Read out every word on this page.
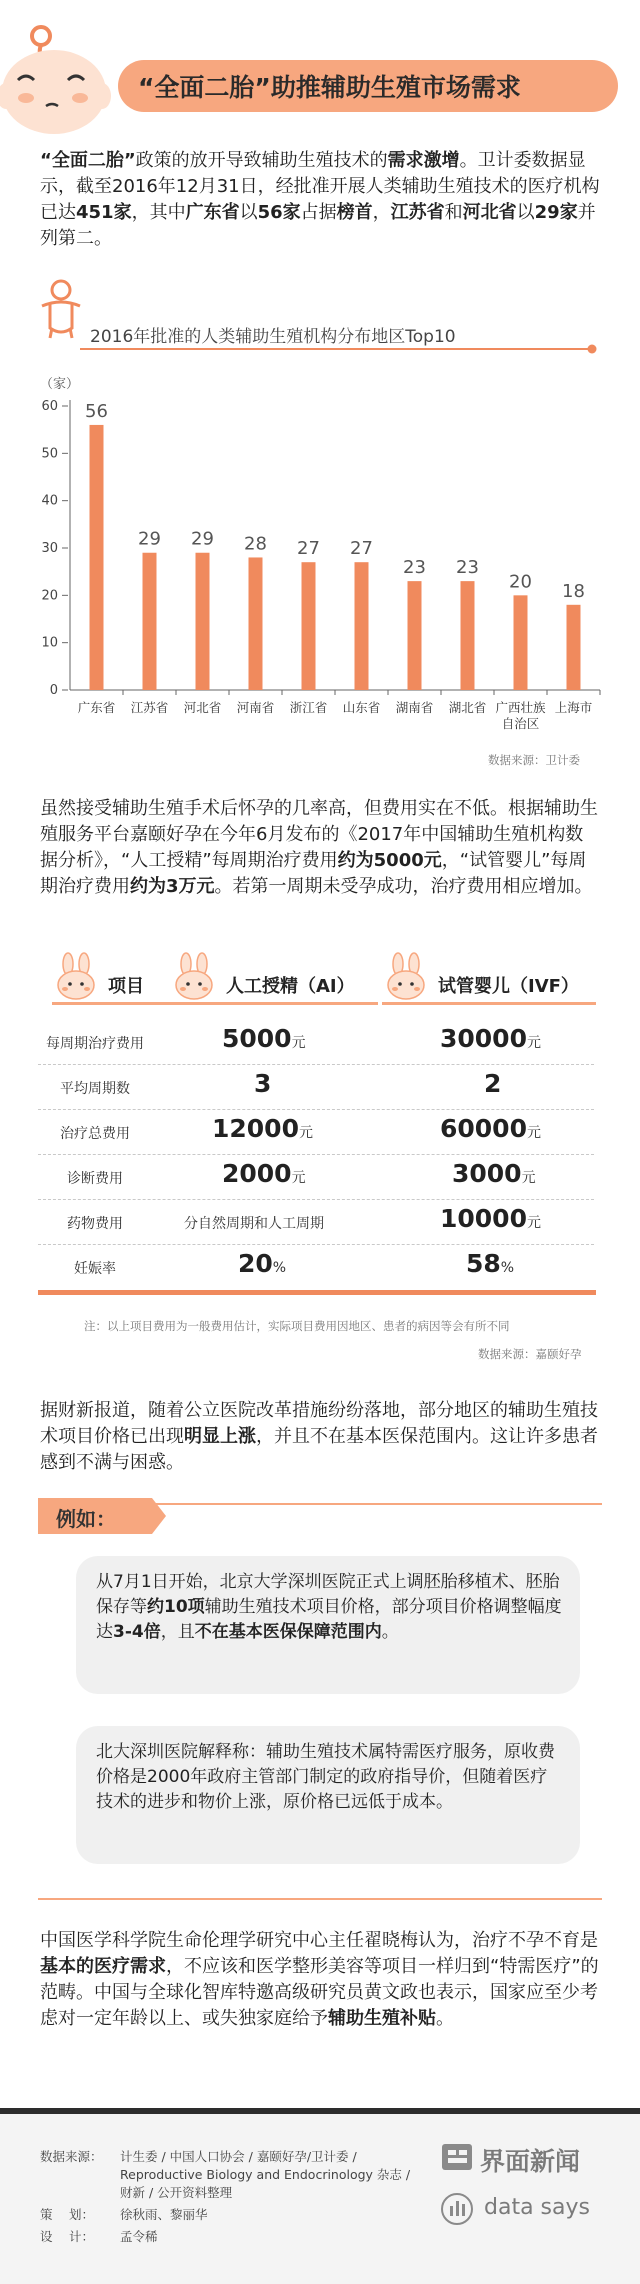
“全面二胎”助推辅助生殖市场需求
“全面二胎”政策的放开导致辅助生殖技术的需求激增。卫计委数据显示，截至2016年12月31日，经批准开展人类辅助生殖技术的医疗机构已达451家，其中广东省以56家占据榜首，江苏省和河北省以29家并列第二。
2016年批准的人类辅助生殖机构分布地区Top10
（家）
0
10
20
30
40
50
60 56
广东省
29
江苏省
29
河北省
28
河南省
27
浙江省
27
山东省
23
湖南省
23
湖北省
20
广西壮族
自治区
18
上海市
数据来源：卫计委
虽然接受辅助生殖手术后怀孕的几率高，但费用实在不低。根据辅助生殖服务平台嘉颐好孕在今年6月发布的《2017年中国辅助生殖机构数据分析》，“人工授精”每周期治疗费用约为5000元，“试管婴儿”每周期治疗费用约为3万元。若第一周期未受孕成功，治疗费用相应增加。
项目	人工授精（AI）	试管婴儿（IVF）
每周期治疗费用	5000元	30000元
平均周期数	3	2
治疗总费用	12000元	60000元
诊断费用	2000元	3000元
药物费用	分自然周期和人工周期	10000元
妊娠率	20%	58%
注：以上项目费用为一般费用估计，实际项目费用因地区、患者的病因等会有所不同
数据来源：嘉颐好孕
据财新报道，随着公立医院改革措施纷纷落地，部分地区的辅助生殖技术项目价格已出现明显上涨，并且不在基本医保范围内。这让许多患者感到不满与困惑。
例如：
从7月1日开始，北京大学深圳医院正式上调胚胎移植术、胚胎保存等约10项辅助生殖技术项目价格，部分项目价格调整幅度达3-4倍，且不在基本医保保障范围内。
北大深圳医院解释称：辅助生殖技术属特需医疗服务，原收费价格是2000年政府主管部门制定的政府指导价，但随着医疗技术的进步和物价上涨，原价格已远低于成本。
中国医学科学院生命伦理学研究中心主任翟晓梅认为，治疗不孕不育是基本的医疗需求，不应该和医学整形美容等项目一样归到“特需医疗”的范畴。中国与全球化智库特邀高级研究员黄文政也表示，国家应至少考虑对一定年龄以上、或失独家庭给予辅助生殖补贴。
数据来源： 计生委 / 中国人口协会 / 嘉颐好孕/卫计委 /
Reproductive Biology and Endocrinology 杂志 /
财新 / 公开资料整理
策　 划： 徐秋雨、黎丽华
设　 计： 孟令稀
界面新闻
data says
